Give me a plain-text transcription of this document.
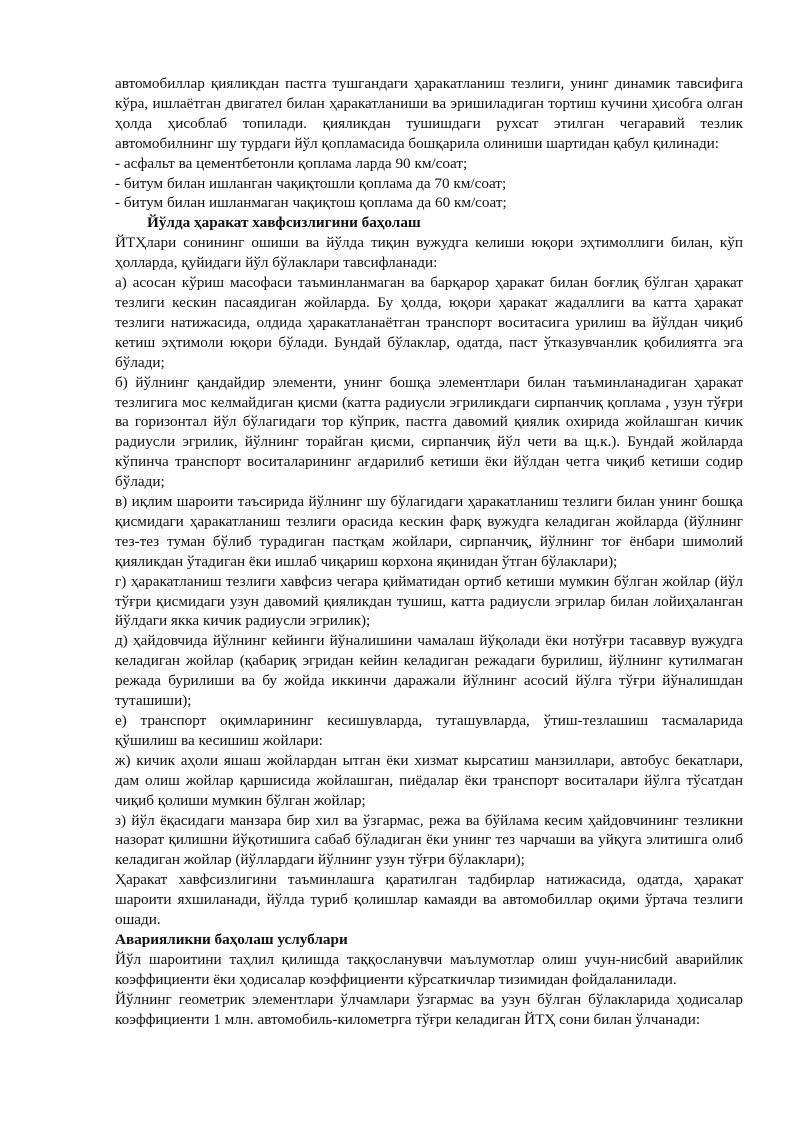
автомобиллар қияликдан пастга тушгандаги ҳаракатланиш тезлиги, унинг динамик тавсифига кўра, ишлаётган двигател билан ҳаракатланиши ва эришиладиган тортиш кучини ҳисобга олган ҳолда ҳисоблаб топилади. қияликдан тушишдаги рухсат этилган чегаравий тезлик автомобилнинг шу турдаги йўл қопламасида бошқарила олиниши шартидан қабул қилинади:

- асфальт ва цементбетонли қоплама ларда 90 км/соат;

- битум билан ишланган чақиқтошли қоплама да 70 км/соат;

- битум билан ишланмаган чақиқтош қоплама да 60 км/соат;

Йўлда ҳаракат хавфсизлигини баҳолаш

ЙТҲлари сонининг ошиши ва йўлда тиқин вужудга келиши юқори эҳтимоллиги билан, кўп ҳолларда, қуйидаги йўл бўлаклари тавсифланади:

а) асосан кўриш масофаси таъминланмаган ва барқарор ҳаракат билан боғлиқ бўлган ҳаракат тезлиги кескин пасаядиган жойларда. Бу ҳолда, юқори ҳаракат жадаллиги ва катта ҳаракат тезлиги натижасида, олдида ҳаракатланаётган транспорт воситасига урилиш ва йўлдан чиқиб кетиш эҳтимоли юқори бўлади. Бундай бўлаклар, одатда, паст ўтказувчанлик қобилиятга эга бўлади;

б) йўлнинг қандайдир элементи, унинг бошқа элементлари билан таъминланадиган ҳаракат тезлигига мос келмайдиган қисми (катта радиусли эгриликдаги сирпанчиқ қоплама , узун тўғри ва горизонтал йўл бўлагидаги тор кўприк, пастга давомий қиялик охирида жойлашган кичик радиусли эгрилик, йўлнинг торайган қисми, сирпанчиқ йўл чети ва щ.к.). Бундай жойларда кўпинча транспорт воситаларининг ағдарилиб кетиши ёки йўлдан четга чиқиб кетиши содир бўлади;

в) иқлим шароити таъсирида йўлнинг шу бўлагидаги ҳаракатланиш тезлиги билан унинг бошқа қисмидаги ҳаракатланиш тезлиги орасида кескин фарқ вужудга келадиган жойларда (йўлнинг тез-тез туман бўлиб турадиган пастқам жойлари, сирпанчиқ, йўлнинг тоғ ёнбари шимолий қияликдан ўтадиган ёки ишлаб чиқариш корхона яқинидан ўтган бўлаклари);

г) ҳаракатланиш тезлиги хавфсиз чегара қийматидан ортиб кетиши мумкин бўлган жойлар (йўл тўғри қисмидаги узун давомий қияликдан тушиш, катта радиусли эгрилар билан лойиҳаланган йўлдаги якка кичик радиусли эгрилик);

д) ҳайдовчида йўлнинг кейинги йўналишини чамалаш йўқолади ёки нотўғри тасаввур вужудга келадиган жойлар (қабариқ эгридан кейин келадиган режадаги бурилиш, йўлнинг кутилмаган режада бурилиши ва бу жойда иккинчи даражали йўлнинг асосий йўлга тўғри йўналишдан туташиши);

е) транспорт оқимларининг кесишувларда, туташувларда, ўтиш-тезлашиш тасмаларида қўшилиш ва кесишиш жойлари:

ж) кичик аҳоли яшаш жойлардан ытган ёки хизмат кырсатиш манзиллари, автобус бекатлари, дам олиш жойлар қаршисида жойлашган, пиёдалар ёки транспорт воситалари йўлга тўсатдан чиқиб қолиши мумкин бўлган жойлар;

з) йўл ёқасидаги манзара бир хил ва ўзгармас, режа ва бўйлама кесим ҳайдовчининг тезликни назорат қилишни йўқотишига сабаб бўладиган ёки унинг тез чарчаши ва уйқуга элитишга олиб келадиган жойлар (йўллардаги йўлнинг узун тўғри бўлаклари);

Ҳаракат хавфсизлигини таъминлашга қаратилган тадбирлар натижасида, одатда, ҳаракат шароити яхшиланади, йўлда туриб қолишлар камаяди ва автомобиллар оқими ўртача тезлиги ошади.

Аварияликни баҳолаш услублари

Йўл шароитини таҳлил қилишда таққосланувчи маълумотлар олиш учун-нисбий аварийлик коэффициенти ёки ҳодисалар коэффициенти кўрсаткичлар тизимидан фойдаланилади.

Йўлнинг геометрик элементлари ўлчамлари ўзгармас ва узун бўлган бўлакларида ҳодисалар коэффициенти 1 млн. автомобиль-километрга тўғри келадиган ЙТҲ сони билан ўлчанади:
